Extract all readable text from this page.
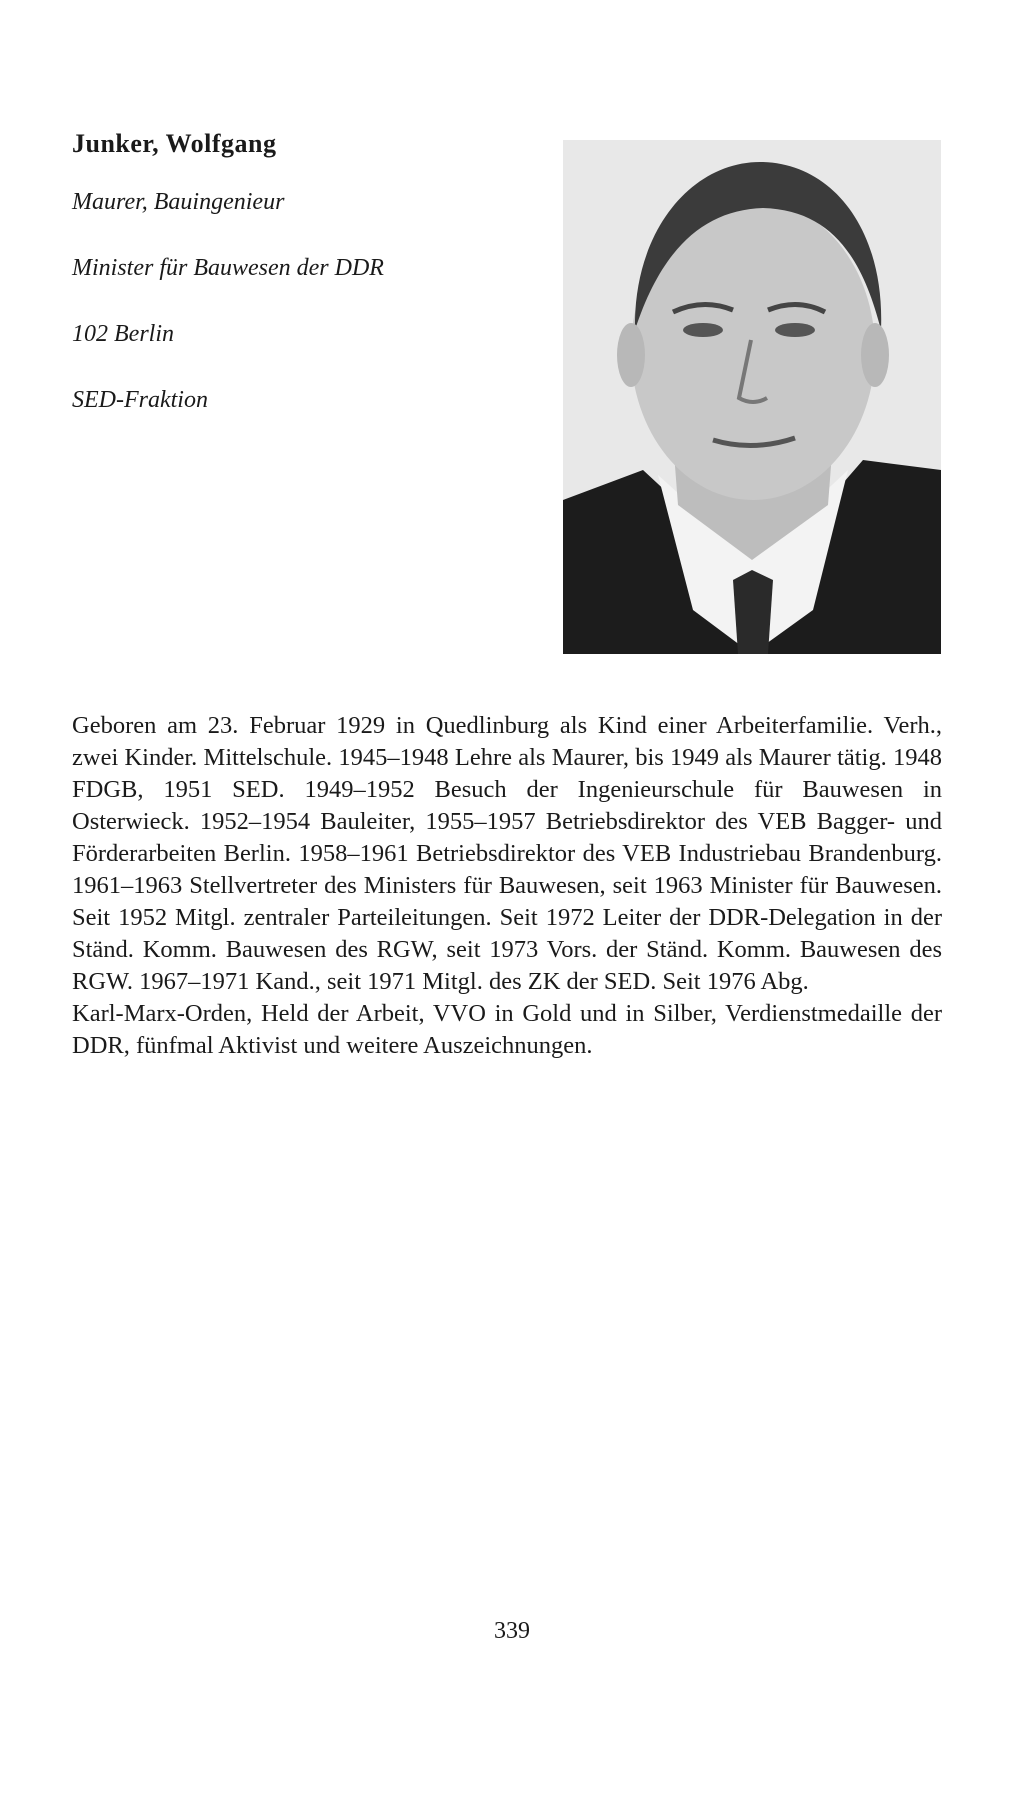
Junker, Wolfgang
Maurer, Bauingenieur
Minister für Bauwesen der DDR
102 Berlin
SED-Fraktion

Geboren am 23. Februar 1929 in Quedlinburg als Kind einer Arbeiterfamilie. Verh., zwei Kinder. Mittelschule. 1945–1948 Lehre als Maurer, bis 1949 als Maurer tätig. 1948 FDGB, 1951 SED. 1949–1952 Besuch der Ingenieurschule für Bauwesen in Osterwieck. 1952–1954 Bauleiter, 1955–1957 Betriebsdirektor des VEB Bagger- und Förderarbeiten Berlin. 1958–1961 Betriebsdirektor des VEB Industriebau Brandenburg. 1961–1963 Stellvertreter des Ministers für Bauwesen, seit 1963 Minister für Bauwesen. Seit 1952 Mitgl. zentraler Parteileitungen. Seit 1972 Leiter der DDR-Delegation in der Ständ. Komm. Bauwesen des RGW, seit 1973 Vors. der Ständ. Komm. Bauwesen des RGW. 1967–1971 Kand., seit 1971 Mitgl. des ZK der SED. Seit 1976 Abg.

Karl-Marx-Orden, Held der Arbeit, VVO in Gold und in Silber, Verdienstmedaille der DDR, fünfmal Aktivist und weitere Auszeichnungen.

339
